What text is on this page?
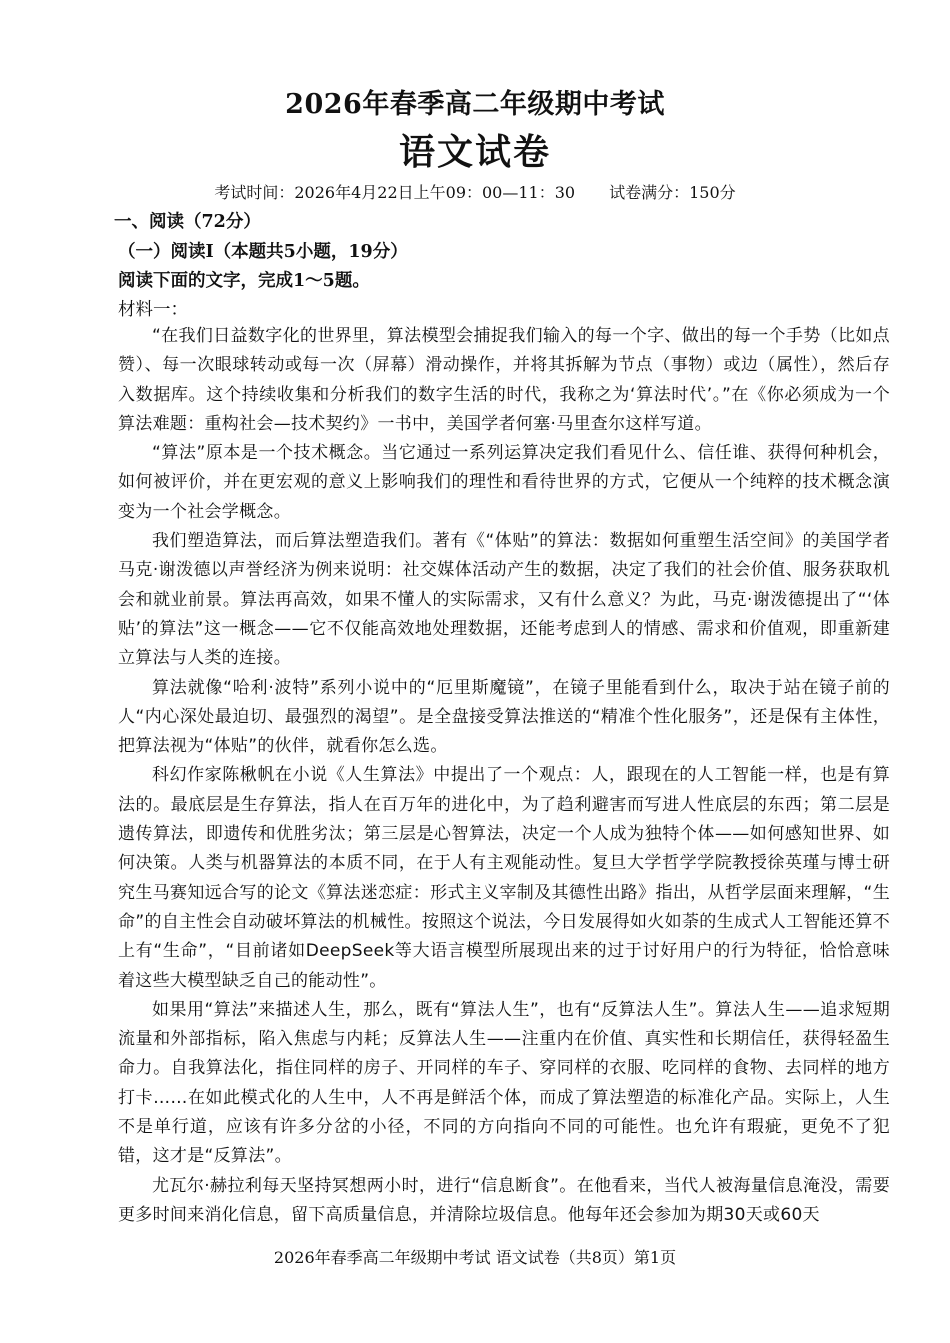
2026年春季高二年级期中考试
语文试卷
考试时间：2026年4月22日上午09：00—11：30 试卷满分：150分
一、阅读（72分）
（一）阅读Ⅰ（本题共5小题，19分）
阅读下面的文字，完成1～5题。
材料一：

“在我们日益数字化的世界里，算法模型会捕捉我们输入的每一个字、做出的每一个手势（比如点赞）、每一次眼球转动或每一次（屏幕）滑动操作，并将其拆解为节点（事物）或边（属性），然后存入数据库。这个持续收集和分析我们的数字生活的时代，我称之为‘算法时代’。”在《你必须成为一个算法难题：重构社会—技术契约》一书中，美国学者何塞·马里查尔这样写道。

“算法”原本是一个技术概念。当它通过一系列运算决定我们看见什么、信任谁、获得何种机会，如何被评价，并在更宏观的意义上影响我们的理性和看待世界的方式，它便从一个纯粹的技术概念演变为一个社会学概念。

我们塑造算法，而后算法塑造我们。著有《“体贴”的算法：数据如何重塑生活空间》的美国学者马克·谢泼德以声誉经济为例来说明：社交媒体活动产生的数据，决定了我们的社会价值、服务获取机会和就业前景。算法再高效，如果不懂人的实际需求，又有什么意义？为此，马克·谢泼德提出了“‘体贴’的算法”这一概念——它不仅能高效地处理数据，还能考虑到人的情感、需求和价值观，即重新建立算法与人类的连接。

算法就像“哈利·波特”系列小说中的“厄里斯魔镜”，在镜子里能看到什么，取决于站在镜子前的人“内心深处最迫切、最强烈的渴望”。是全盘接受算法推送的“精准个性化服务”，还是保有主体性，把算法视为“体贴”的伙伴，就看你怎么选。

科幻作家陈楸帆在小说《人生算法》中提出了一个观点：人，跟现在的人工智能一样，也是有算法的。最底层是生存算法，指人在百万年的进化中，为了趋利避害而写进人性底层的东西；第二层是遗传算法，即遗传和优胜劣汰；第三层是心智算法，决定一个人成为独特个体——如何感知世界、如何决策。人类与机器算法的本质不同，在于人有主观能动性。复旦大学哲学学院教授徐英瑾与博士研究生马赛知远合写的论文《算法迷恋症：形式主义宰制及其德性出路》指出，从哲学层面来理解，“生命”的自主性会自动破坏算法的机械性。按照这个说法，今日发展得如火如荼的生成式人工智能还算不上有“生命”，“目前诸如DeepSeek等大语言模型所展现出来的过于讨好用户的行为特征，恰恰意味着这些大模型缺乏自己的能动性”。

如果用“算法”来描述人生，那么，既有“算法人生”，也有“反算法人生”。算法人生——追求短期流量和外部指标，陷入焦虑与内耗；反算法人生——注重内在价值、真实性和长期信任，获得轻盈生命力。自我算法化，指住同样的房子、开同样的车子、穿同样的衣服、吃同样的食物、去同样的地方打卡……在如此模式化的人生中，人不再是鲜活个体，而成了算法塑造的标准化产品。实际上，人生不是单行道，应该有许多分岔的小径，不同的方向指向不同的可能性。也允许有瑕疵，更免不了犯错，这才是“反算法”。

尤瓦尔·赫拉利每天坚持冥想两小时，进行“信息断食”。在他看来，当代人被海量信息淹没，需要更多时间来消化信息，留下高质量信息，并清除垃圾信息。他每年还会参加为期30天或60天

2026年春季高二年级期中考试 语文试卷（共8页）第1页
